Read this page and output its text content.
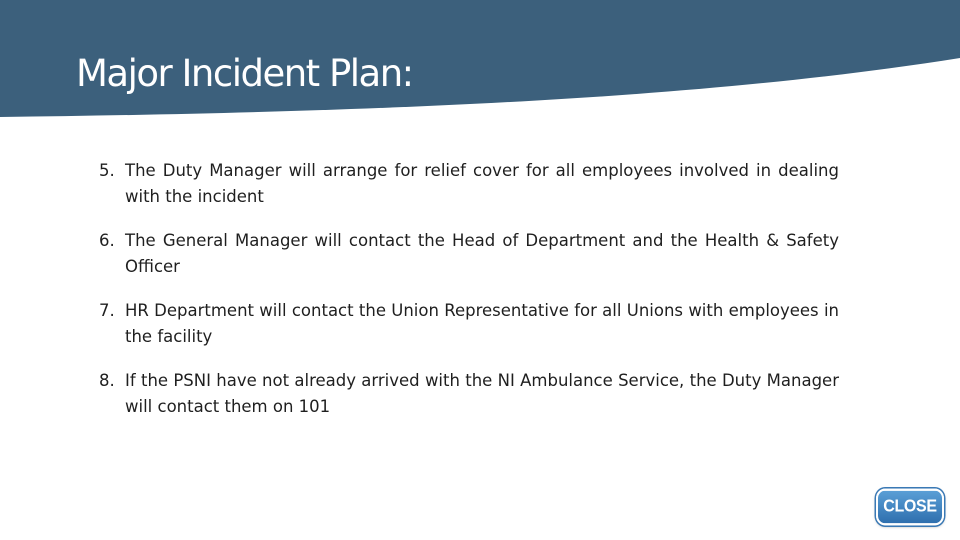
Major Incident Plan:
5. The Duty Manager will arrange for relief cover for all employees involved in dealing with the incident
6. The General Manager will contact the Head of Department and the Health & Safety Officer
7. HR Department will contact the Union Representative for all Unions with employees in the facility
8. If the PSNI have not already arrived with the NI Ambulance Service, the Duty Manager will contact them on 101
CLOSE
